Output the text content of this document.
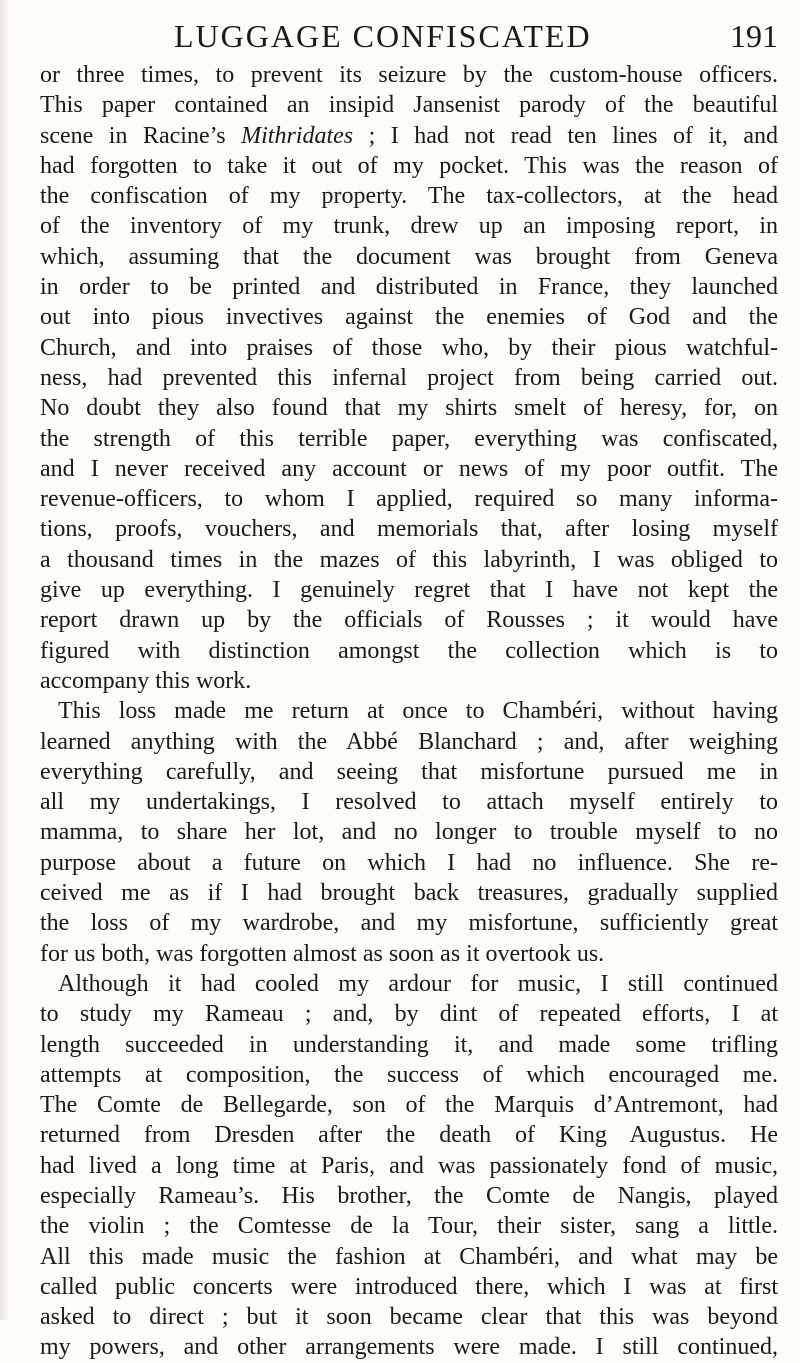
LUGGAGE CONFISCATED	191
or three times, to prevent its seizure by the custom-house officers.
This paper contained an insipid Jansenist parody of the beautiful
scene in Racine’s Mithridates ; I had not read ten lines of it, and
had forgotten to take it out of my pocket. This was the reason of
the confiscation of my property. The tax-collectors, at the head
of the inventory of my trunk, drew up an imposing report, in
which, assuming that the document was brought from Geneva
in order to be printed and distributed in France, they launched
out into pious invectives against the enemies of God and the
Church, and into praises of those who, by their pious watchful-
ness, had prevented this infernal project from being carried out.
No doubt they also found that my shirts smelt of heresy, for, on
the strength of this terrible paper, everything was confiscated,
and I never received any account or news of my poor outfit. The
revenue-officers, to whom I applied, required so many informa-
tions, proofs, vouchers, and memorials that, after losing myself
a thousand times in the mazes of this labyrinth, I was obliged to
give up everything. I genuinely regret that I have not kept the
report drawn up by the officials of Rousses ; it would have
figured with distinction amongst the collection which is to
accompany this work.
This loss made me return at once to Chambéri, without having
learned anything with the Abbé Blanchard ; and, after weighing
everything carefully, and seeing that misfortune pursued me in
all my undertakings, I resolved to attach myself entirely to
mamma, to share her lot, and no longer to trouble myself to no
purpose about a future on which I had no influence. She re-
ceived me as if I had brought back treasures, gradually supplied
the loss of my wardrobe, and my misfortune, sufficiently great
for us both, was forgotten almost as soon as it overtook us.
Although it had cooled my ardour for music, I still continued
to study my Rameau ; and, by dint of repeated efforts, I at
length succeeded in understanding it, and made some trifling
attempts at composition, the success of which encouraged me.
The Comte de Bellegarde, son of the Marquis d’Antremont, had
returned from Dresden after the death of King Augustus. He
had lived a long time at Paris, and was passionately fond of music,
especially Rameau’s. His brother, the Comte de Nangis, played
the violin ; the Comtesse de la Tour, their sister, sang a little.
All this made music the fashion at Chambéri, and what may be
called public concerts were introduced there, which I was at first
asked to direct ; but it soon became clear that this was beyond
my powers, and other arrangements were made. I still continued,
